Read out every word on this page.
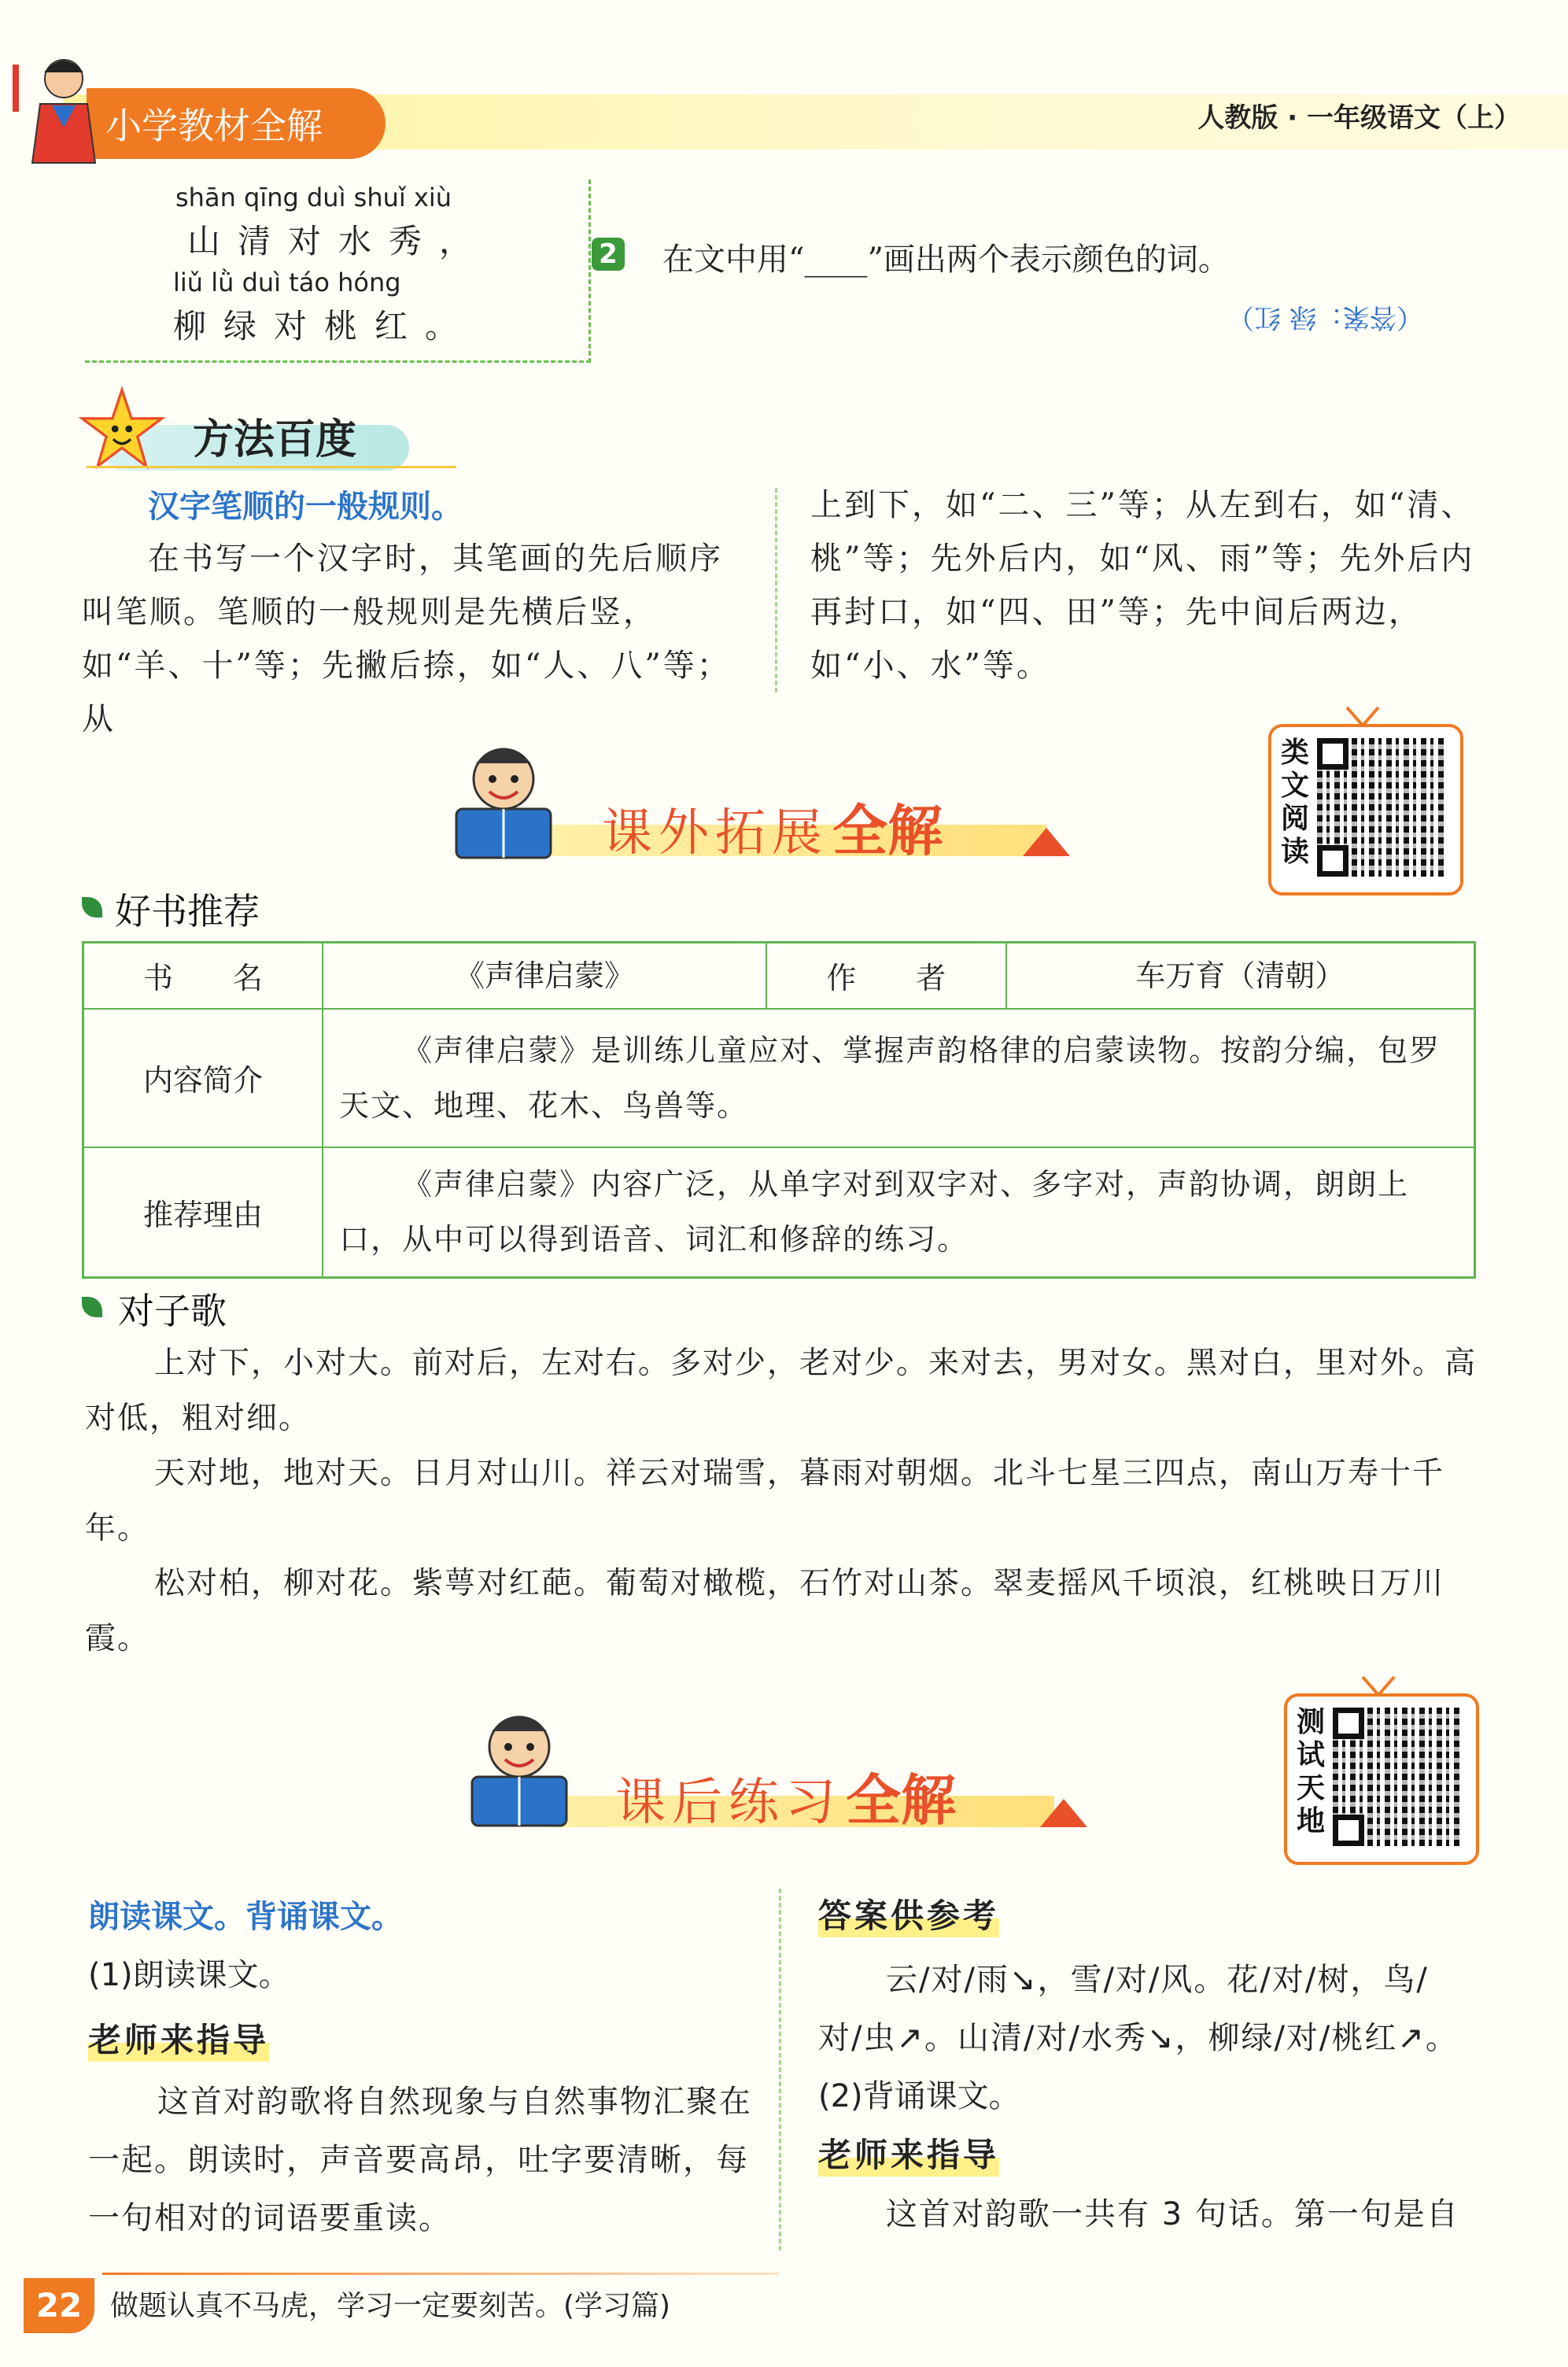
小学教材全解	人教版 · 一年级语文（上）
shān qīng duì shuǐ xiù
山清对水秀，
liǔ lǜ duì táo hóng
柳绿对桃红。
2 在文中用“____”画出两个表示颜色的词。
（答案：绿 红）
方法百度
汉字笔顺的一般规则。
在书写一个汉字时，其笔画的先后顺序叫笔顺。笔顺的一般规则是先横后竖，如“羊、十”等；先撇后捺，如“人、八”等；从
上到下，如“二、三”等；从左到右，如“清、桃”等；先外后内，如“风、雨”等；先外后内再封口，如“四、田”等；先中间后两边，如“小、水”等。
课外拓展 全解
类文阅读
好书推荐
书　　名	《声律启蒙》	作　　者	车万育（清朝）
内容简介	《声律启蒙》是训练儿童应对、掌握声韵格律的启蒙读物。按韵分编，包罗天文、地理、花木、鸟兽等。		
推荐理由	《声律启蒙》内容广泛，从单字对到双字对、多字对，声韵协调，朗朗上口，从中可以得到语音、词汇和修辞的练习。		
对子歌
上对下，小对大。前对后，左对右。多对少，老对少。来对去，男对女。黑对白，里对外。高对低，粗对细。
天对地，地对天。日月对山川。祥云对瑞雪，暮雨对朝烟。北斗七星三四点，南山万寿十千年。
松对柏，柳对花。紫萼对红葩。葡萄对橄榄，石竹对山茶。翠麦摇风千顷浪，红桃映日万川霞。
课后练习 全解
测试天地
朗读课文。背诵课文。
(1)朗读课文。
老师来指导
这首对韵歌将自然现象与自然事物汇聚在一起。朗读时，声音要高昂，吐字要清晰，每一句相对的词语要重读。
答案供参考
云/对/雨↘，雪/对/风。花/对/树，鸟/
对/虫↗。山清/对/水秀↘，柳绿/对/桃红↗。
(2)背诵课文。
老师来指导
这首对韵歌一共有 3 句话。第一句是自
22 做题认真不马虎，学习一定要刻苦。(学习篇)
